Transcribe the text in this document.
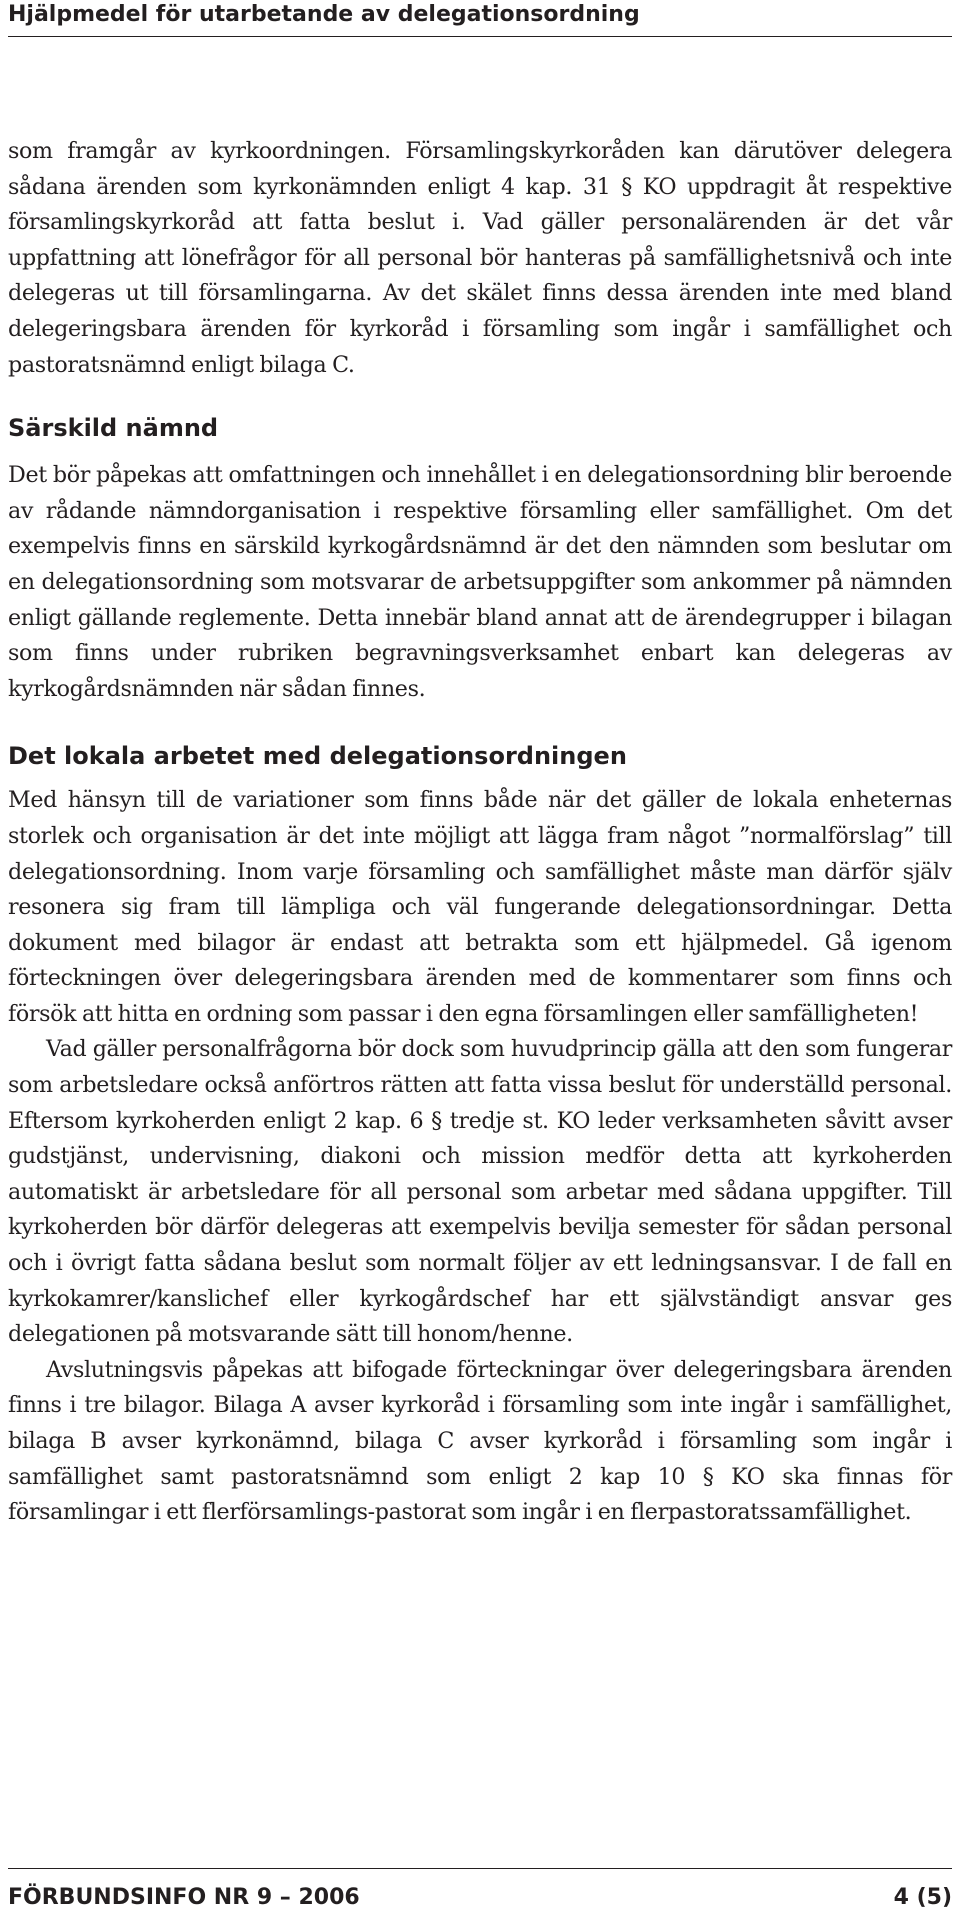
Hjälpmedel för utarbetande av delegationsordning

som framgår av kyrkoordningen. Församlingskyrkoråden kan därutöver delegera sådana ärenden som kyrkonämnden enligt 4 kap. 31 § KO uppdragit åt respektive församlingskyrkoråd att fatta beslut i. Vad gäller personalärenden är det vår uppfattning att lönefrågor för all personal bör hanteras på samfällighetsnivå och inte delegeras ut till församlingarna. Av det skälet finns dessa ärenden inte med bland delegeringsbara ärenden för kyrkoråd i församling som ingår i samfällighet och pastoratsnämnd enligt bilaga C.

Särskild nämnd

Det bör påpekas att omfattningen och innehållet i en delegationsordning blir beroende av rådande nämndorganisation i respektive församling eller samfällighet. Om det exempelvis finns en särskild kyrkogårdsnämnd är det den nämnden som beslutar om en delegationsordning som motsvarar de arbetsuppgifter som ankommer på nämnden enligt gällande reglemente. Detta innebär bland annat att de ärendegrupper i bilagan som finns under rubriken begravningsverksamhet enbart kan delegeras av kyrkogårdsnämnden när sådan finnes.

Det lokala arbetet med delegationsordningen

Med hänsyn till de variationer som finns både när det gäller de lokala enheternas storlek och organisation är det inte möjligt att lägga fram något ”normalförslag” till delegationsordning. Inom varje församling och samfällighet måste man därför själv resonera sig fram till lämpliga och väl fungerande delegationsordningar. Detta dokument med bilagor är endast att betrakta som ett hjälpmedel. Gå igenom förteckningen över delegeringsbara ärenden med de kommentarer som finns och försök att hitta en ordning som passar i den egna församlingen eller samfälligheten!

Vad gäller personalfrågorna bör dock som huvudprincip gälla att den som fungerar som arbetsledare också anförtros rätten att fatta vissa beslut för underställd personal. Eftersom kyrkoherden enligt 2 kap. 6 § tredje st. KO leder verksamheten såvitt avser gudstjänst, undervisning, diakoni och mission medför detta att kyrkoherden automatiskt är arbetsledare för all personal som arbetar med sådana uppgifter. Till kyrkoherden bör därför delegeras att exempelvis bevilja semester för sådan personal och i övrigt fatta sådana beslut som normalt följer av ett ledningsansvar. I de fall en kyrkokamrer/kanslichef eller kyrkogårdschef har ett självständigt ansvar ges delegationen på motsvarande sätt till honom/henne.

Avslutningsvis påpekas att bifogade förteckningar över delegeringsbara ärenden finns i tre bilagor. Bilaga A avser kyrkoråd i församling som inte ingår i samfällighet, bilaga B avser kyrkonämnd, bilaga C avser kyrkoråd i församling som ingår i samfällighet samt pastoratsnämnd som enligt 2 kap 10 § KO ska finnas för församlingar i ett flerförsamlings-pastorat som ingår i en flerpastoratssamfällighet.

FÖRBUNDSINFO NR 9 – 2006	4 (5)
